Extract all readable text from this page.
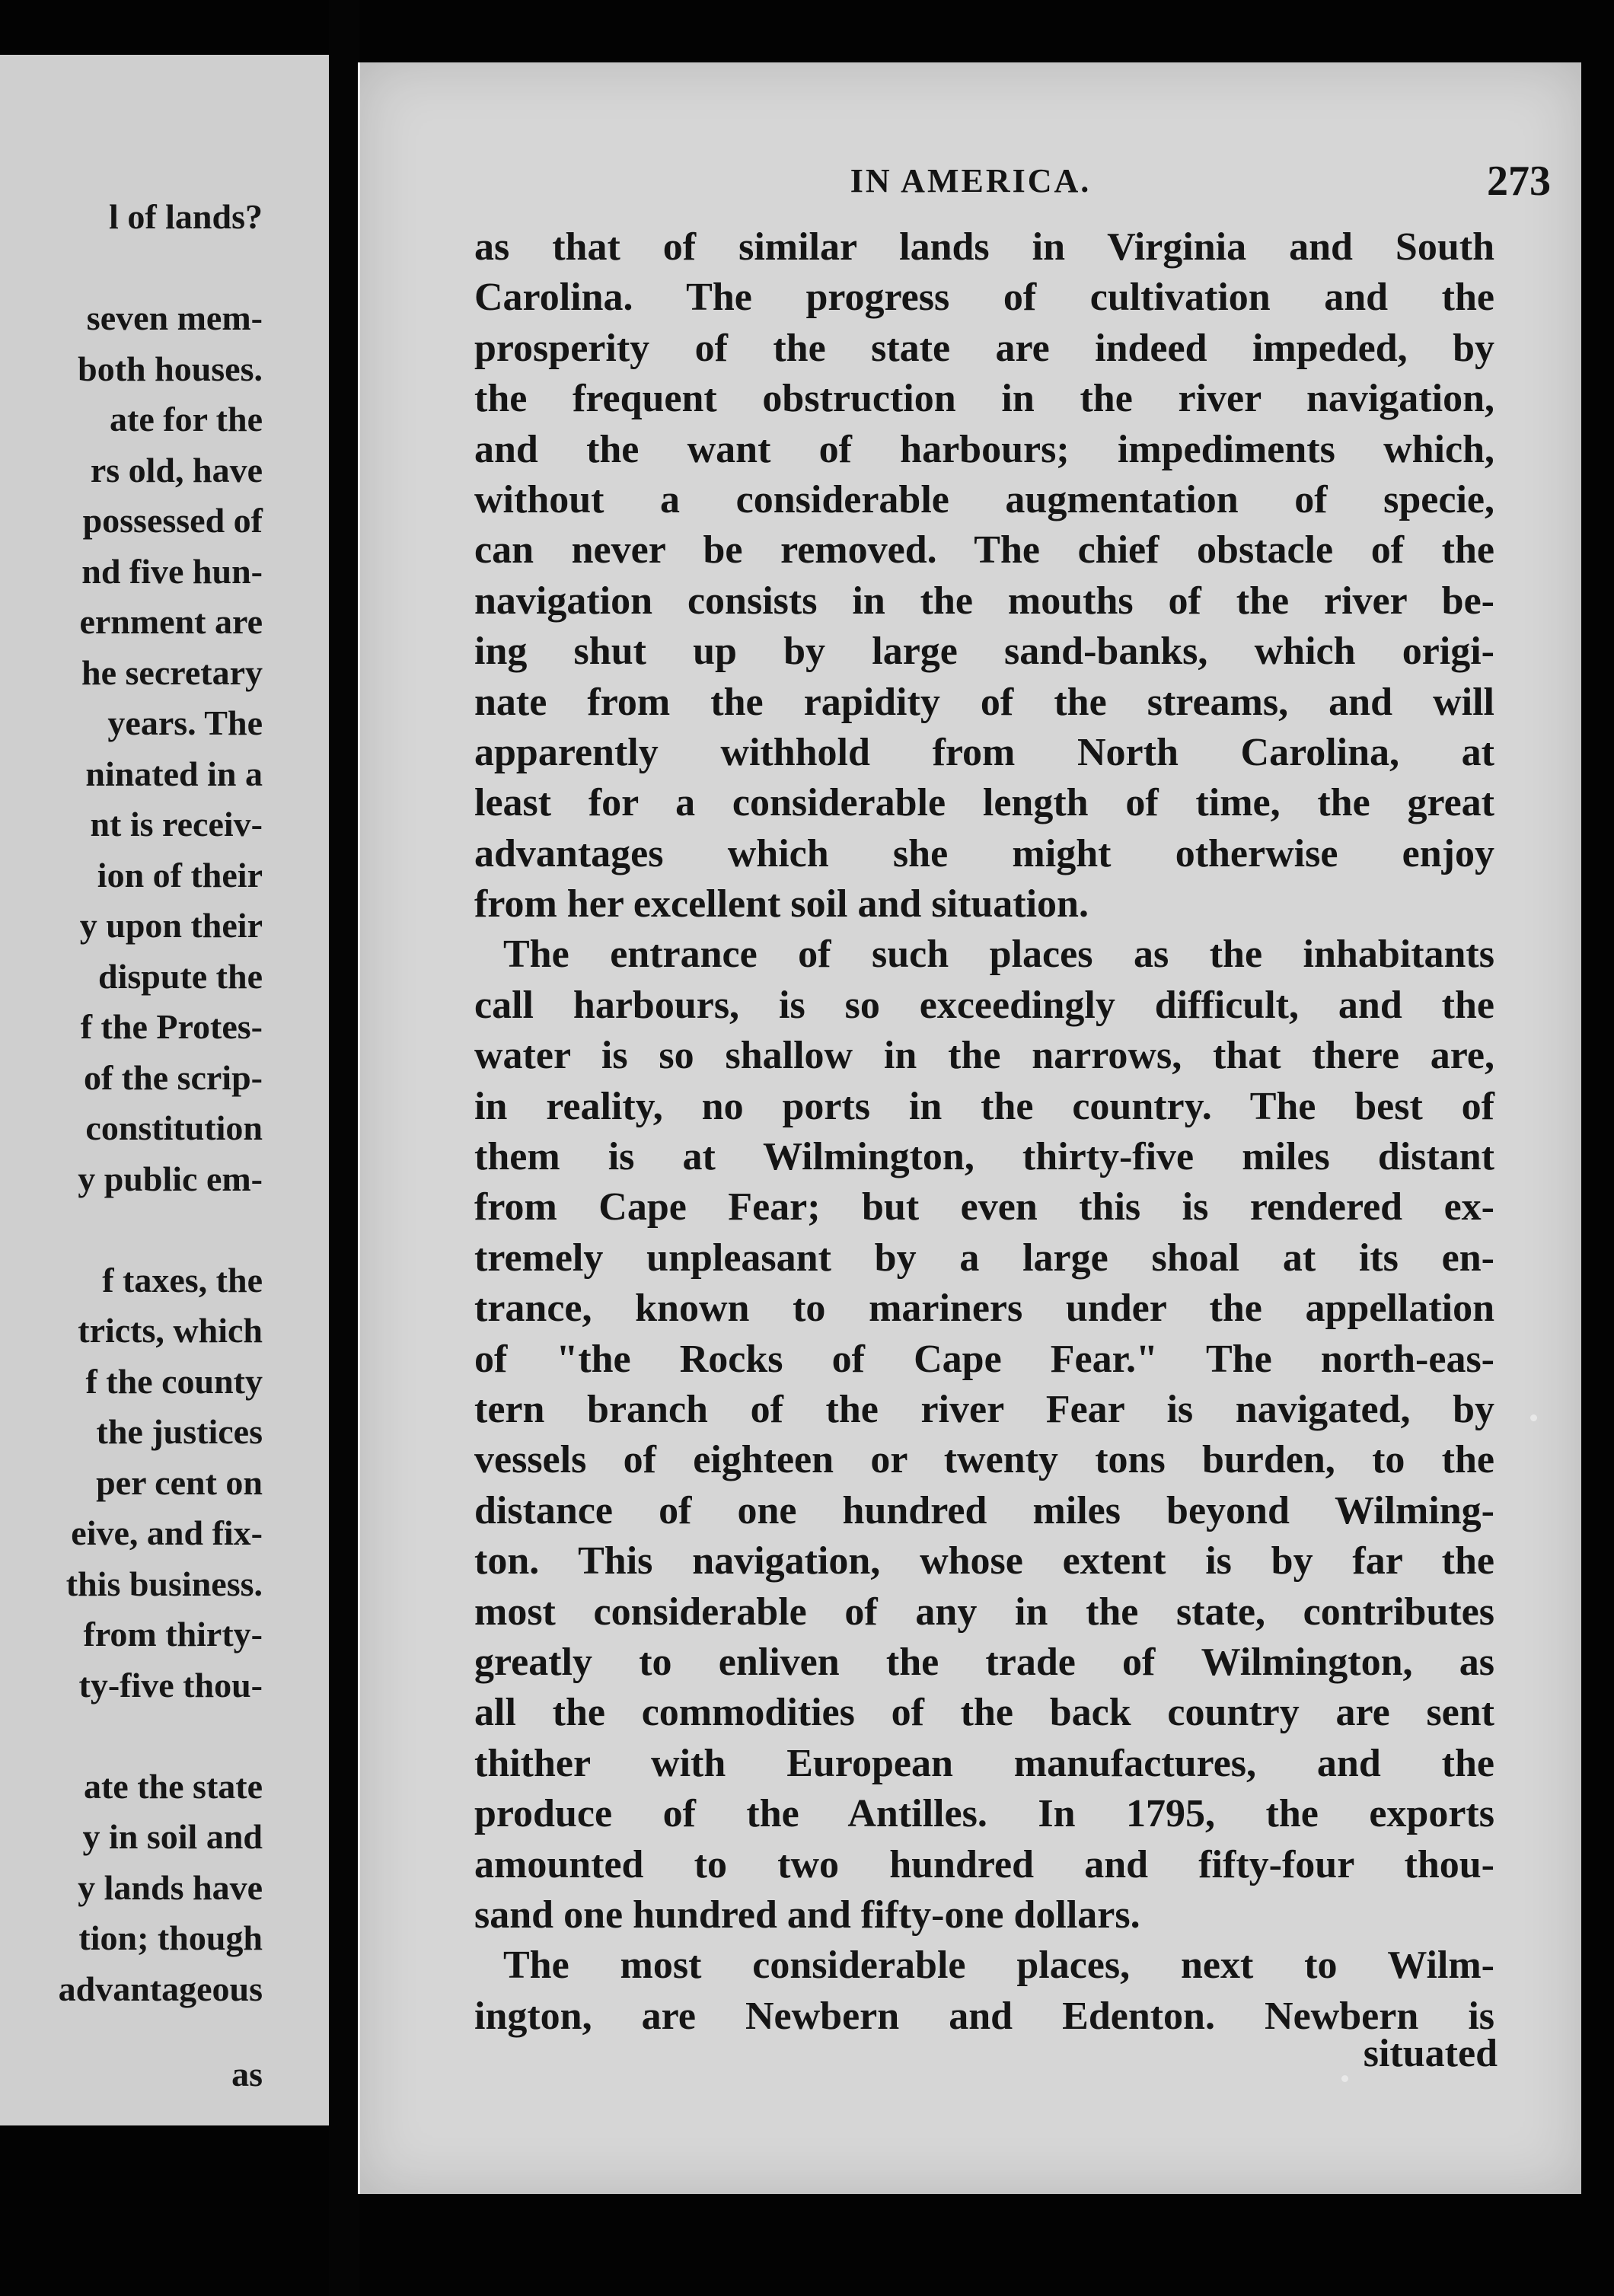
l of lands?
seven mem-
both houses.
ate for the
rs old, have
possessed of
nd five hun-
ernment are
he secretary
years. The
ninated in a
nt is receiv-
ion of their
y upon their
dispute the
f the Protes-
of the scrip-
constitution
y public em-
f taxes, the
tricts, which
f the county
the justices
per cent on
eive, and fix-
this business.
from thirty-
ty-five thou-
ate the state
y in soil and
y lands have
tion; though
advantageous
as
IN AMERICA.	273
as that of similar lands in Virginia and South
Carolina. The progress of cultivation and the
prosperity of the state are indeed impeded, by
the frequent obstruction in the river navigation,
and the want of harbours; impediments which,
without a considerable augmentation of specie,
can never be removed. The chief obstacle of the
navigation consists in the mouths of the river be-
ing shut up by large sand-banks, which origi-
nate from the rapidity of the streams, and will
apparently withhold from North Carolina, at
least for a considerable length of time, the great
advantages which she might otherwise enjoy
from her excellent soil and situation.
The entrance of such places as the inhabitants
call harbours, is so exceedingly difficult, and the
water is so shallow in the narrows, that there are,
in reality, no ports in the country. The best of
them is at Wilmington, thirty-five miles distant
from Cape Fear; but even this is rendered ex-
tremely unpleasant by a large shoal at its en-
trance, known to mariners under the appellation
of "the Rocks of Cape Fear." The north-eas-
tern branch of the river Fear is navigated, by
vessels of eighteen or twenty tons burden, to the
distance of one hundred miles beyond Wilming-
ton. This navigation, whose extent is by far the
most considerable of any in the state, contributes
greatly to enliven the trade of Wilmington, as
all the commodities of the back country are sent
thither with European manufactures, and the
produce of the Antilles. In 1795, the exports
amounted to two hundred and fifty-four thou-
sand one hundred and fifty-one dollars.
The most considerable places, next to Wilm-
ington, are Newbern and Edenton. Newbern is
situated
